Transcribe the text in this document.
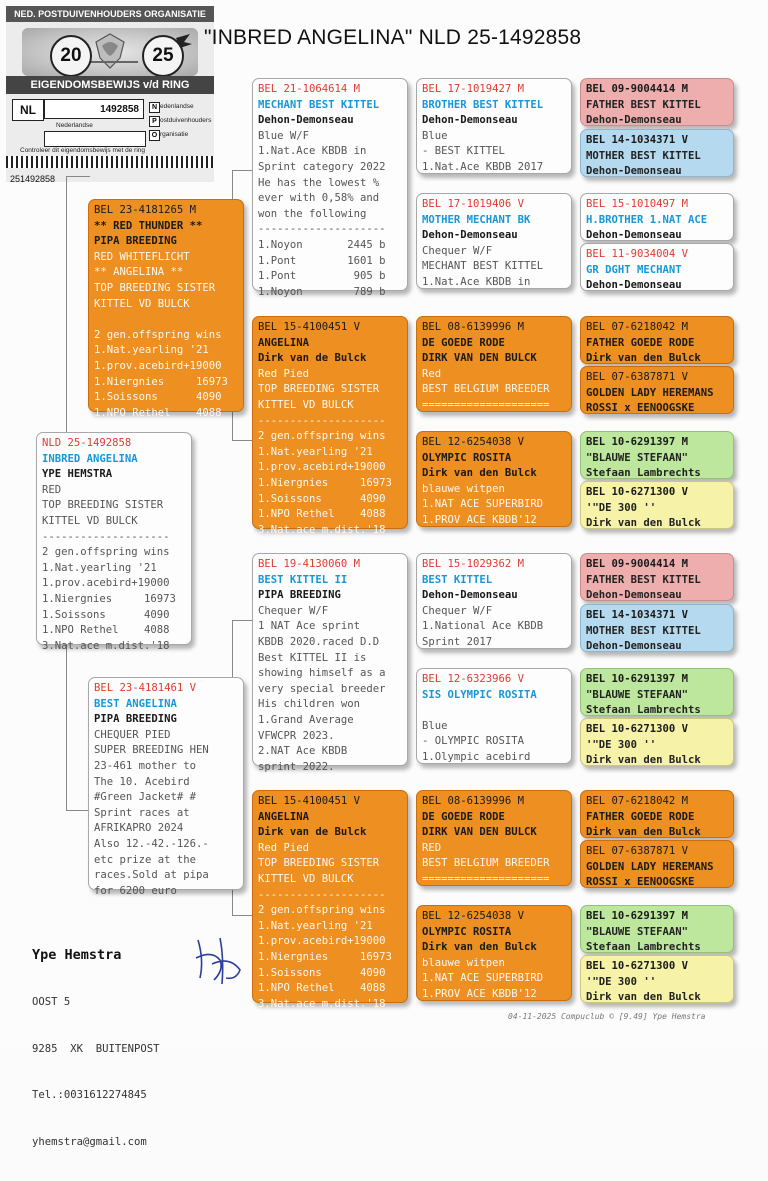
NED. POSTDUIVENHOUDERS ORGANISATIE
20	25
EIGENDOMSBEWIJS v/d RING
NL	1492858
Nederlandse
N edenlandse
P ostduivenhouders
O rganisatie
Controleer dit eigendomsbewijs met de ring
251492858
"INBRED ANGELINA" NLD 25-1492858
NLD 25-1492858
INBRED ANGELINA
YPE HEMSTRA
RED
TOP BREEDING SISTER
KITTEL VD BULCK
--------------------
2 gen.offspring wins
1.Nat.yearling '21
1.prov.acebird+19000
1.Niergnies     16973
1.Soissons      4090
1.NPO Rethel    4088
3.Nat.ace m.dist.'18
BEL 23-4181265 M
** RED THUNDER **
PIPA BREEDING
RED WHITEFLICHT
** ANGELINA **
TOP BREEDING SISTER
KITTEL VD BULCK

2 gen.offspring wins
1.Nat.yearling '21
1.prov.acebird+19000
1.Niergnies     16973
1.Soissons      4090
1.NPO Rethel    4088
BEL 23-4181461 V
BEST ANGELINA
PIPA BREEDING
CHEQUER PIED
SUPER BREEDING HEN
23-461 mother to
The 10. Acebird
#Green Jacket# #
Sprint races at
AFRIKAPRO 2024
Also 12.-42.-126.-
etc prize at the
races.Sold at pipa
for 6200 euro
BEL 21-1064614 M
MECHANT BEST KITTEL
Dehon-Demonseau
Blue W/F
1.Nat.Ace KBDB in
Sprint category 2022
He has the lowest %
ever with 0,58% and
won the following
--------------------
1.Noyon       2445 b
1.Pont        1601 b
1.Pont         905 b
1.Noyon        789 b
BEL 15-4100451 V
ANGELINA
Dirk van de Bulck
Red Pied
TOP BREEDING SISTER
KITTEL VD BULCK
--------------------
2 gen.offspring wins
1.Nat.yearling '21
1.prov.acebird+19000
1.Niergnies     16973
1.Soissons      4090
1.NPO Rethel    4088
3.Nat.ace m.dist.'18
BEL 19-4130060 M
BEST KITTEL II
PIPA BREEDING
Chequer W/F
1 NAT Ace sprint
KBDB 2020.raced D.D
Best KITTEL II is
showing himself as a
very special breeder
His children won
1.Grand Average
VFWCPR 2023.
2.NAT Ace KBDB
sprint 2022.
BEL 15-4100451 V
ANGELINA
Dirk van de Bulck
Red Pied
TOP BREEDING SISTER
KITTEL VD BULCK
--------------------
2 gen.offspring wins
1.Nat.yearling '21
1.prov.acebird+19000
1.Niergnies     16973
1.Soissons      4090
1.NPO Rethel    4088
3.Nat.ace m.dist.'18
BEL 17-1019427 M
BROTHER BEST KITTEL
Dehon-Demonseau
Blue
- BEST KITTEL
1.Nat.Ace KBDB 2017
BEL 17-1019406 V
MOTHER MECHANT BK
Dehon-Demonseau
Chequer W/F
MECHANT BEST KITTEL
1.Nat.Ace KBDB in
BEL 08-6139996 M
DE GOEDE RODE
DIRK VAN DEN BULCK
Red
BEST BELGIUM BREEDER
====================
BEL 12-6254038 V
OLYMPIC ROSITA
Dirk van den Bulck
blauwe witpen
1.NAT ACE SUPERBIRD
1.PROV ACE KBDB'12
BEL 15-1029362 M
BEST KITTEL
Dehon-Demonseau
Chequer W/F
1.National Ace KBDB
Sprint 2017
BEL 12-6323966 V
SIS OLYMPIC ROSITA

Blue
- OLYMPIC ROSITA
1.Olympic acebird
BEL 08-6139996 M
DE GOEDE RODE
DIRK VAN DEN BULCK
RED
BEST BELGIUM BREEDER
====================
BEL 12-6254038 V
OLYMPIC ROSITA
Dirk van den Bulck
blauwe witpen
1.NAT ACE SUPERBIRD
1.PROV ACE KBDB'12
BEL 09-9004414 M
FATHER BEST KITTEL
Dehon-Demonseau
BEL 14-1034371 V
MOTHER BEST KITTEL
Dehon-Demonseau
BEL 15-1010497 M
H.BROTHER 1.NAT ACE
Dehon-Demonseau
BEL 11-9034004 V
GR DGHT MECHANT
Dehon-Demonseau
BEL 07-6218042 M
FATHER GOEDE RODE
Dirk van den Bulck
BEL 07-6387871 V
GOLDEN LADY HEREMANS
ROSSI x EENOOGSKE
BEL 10-6291397 M
"BLAUWE STEFAAN"
Stefaan Lambrechts
BEL 10-6271300 V
'"DE 300 ''
Dirk van den Bulck
BEL 09-9004414 M
FATHER BEST KITTEL
Dehon-Demonseau
BEL 14-1034371 V
MOTHER BEST KITTEL
Dehon-Demonseau
BEL 10-6291397 M
"BLAUWE STEFAAN"
Stefaan Lambrechts
BEL 10-6271300 V
'"DE 300 ''
Dirk van den Bulck
BEL 07-6218042 M
FATHER GOEDE RODE
Dirk van den Bulck
BEL 07-6387871 V
GOLDEN LADY HEREMANS
ROSSI x EENOOGSKE
BEL 10-6291397 M
"BLAUWE STEFAAN"
Stefaan Lambrechts
BEL 10-6271300 V
'"DE 300 ''
Dirk van den Bulck

Ype Hemstra

OOST 5

9285  XK  BUITENPOST

Tel.:0031612274845

yhemstra@gmail.com

04-11-2025 Compuclub © [9.49] Ype Hemstra
